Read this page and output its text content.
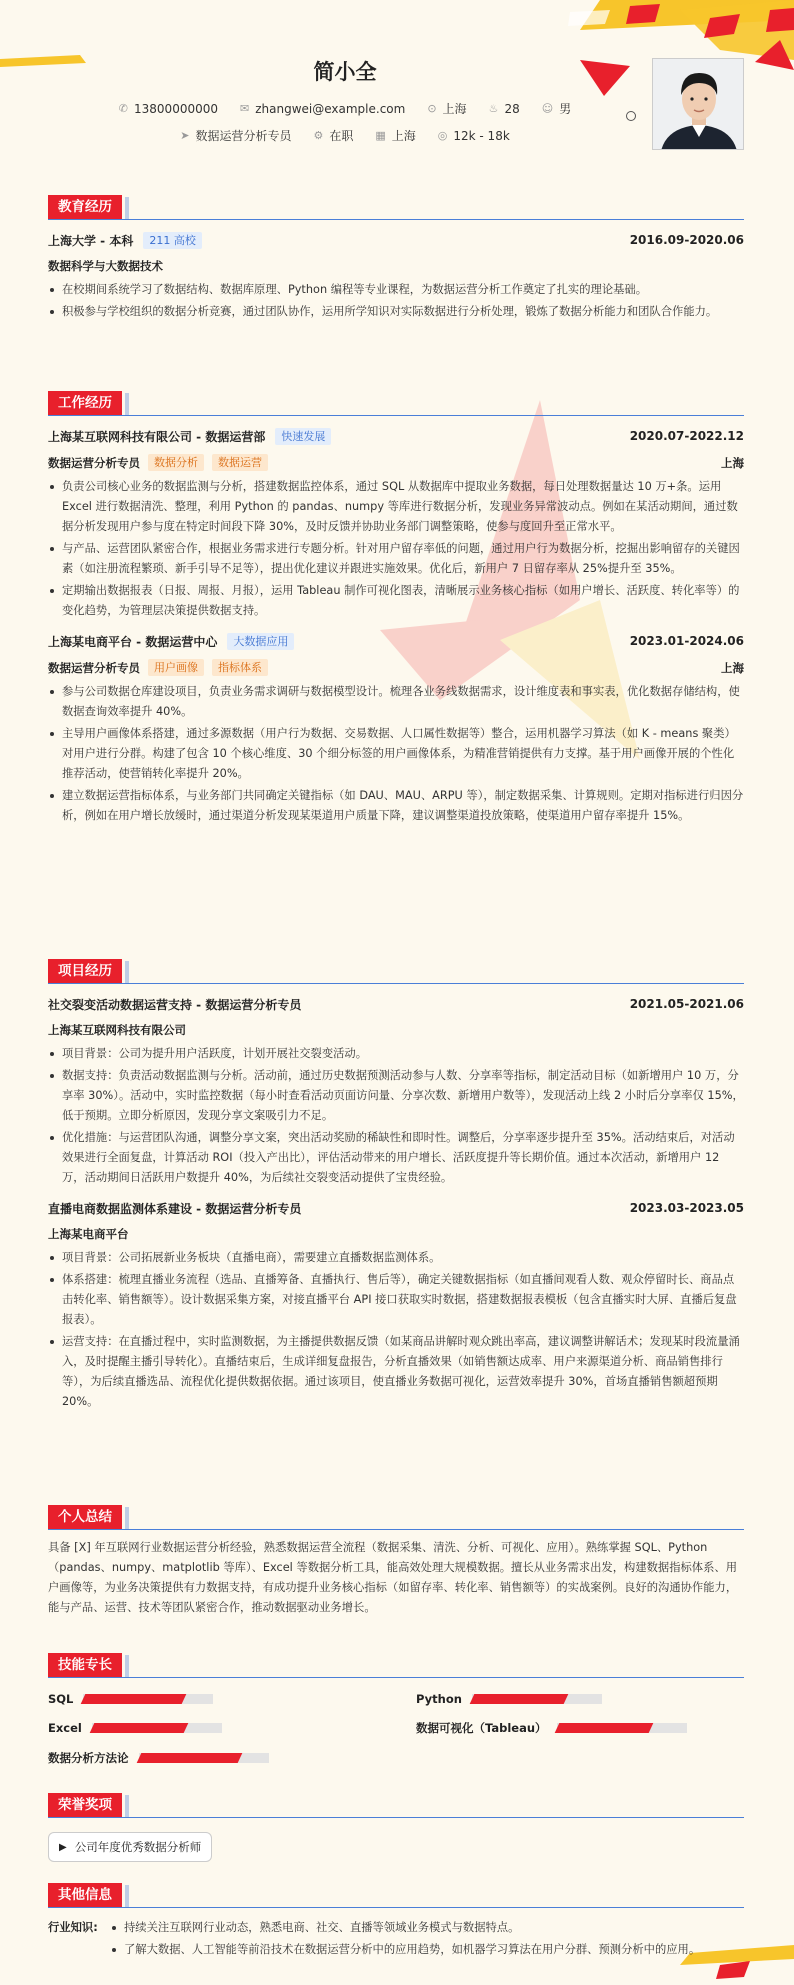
简小全
✆ 13800000000 ✉ zhangwei@example.com ⊙ 上海 ♨ 28 ☺ 男
➤ 数据运营分析专员 ⚙ 在职 ▦ 上海 ◎ 12k - 18k
教育经历
上海大学 - 本科	211 高校	2016.09-2020.06
数据科学与大数据技术
在校期间系统学习了数据结构、数据库原理、Python 编程等专业课程，为数据运营分析工作奠定了扎实的理论基础。
积极参与学校组织的数据分析竞赛，通过团队协作，运用所学知识对实际数据进行分析处理，锻炼了数据分析能力和团队合作能力。
工作经历
上海某互联网科技有限公司 - 数据运营部	快速发展	2020.07-2022.12
数据运营分析专员	数据分析	数据运营	上海
负责公司核心业务的数据监测与分析，搭建数据监控体系，通过 SQL 从数据库中提取业务数据，每日处理数据量达 10 万+条。运用 Excel 进行数据清洗、整理，利用 Python 的 pandas、numpy 等库进行数据分析，发现业务异常波动点。例如在某活动期间，通过数据分析发现用户参与度在特定时间段下降 30%，及时反馈并协助业务部门调整策略，使参与度回升至正常水平。
与产品、运营团队紧密合作，根据业务需求进行专题分析。针对用户留存率低的问题，通过用户行为数据分析，挖掘出影响留存的关键因素（如注册流程繁琐、新手引导不足等），提出优化建议并跟进实施效果。优化后，新用户 7 日留存率从 25%提升至 35%。
定期输出数据报表（日报、周报、月报），运用 Tableau 制作可视化图表，清晰展示业务核心指标（如用户增长、活跃度、转化率等）的变化趋势，为管理层决策提供数据支持。
上海某电商平台 - 数据运营中心	大数据应用	2023.01-2024.06
数据运营分析专员	用户画像	指标体系	上海
参与公司数据仓库建设项目，负责业务需求调研与数据模型设计。梳理各业务线数据需求，设计维度表和事实表，优化数据存储结构，使数据查询效率提升 40%。
主导用户画像体系搭建，通过多源数据（用户行为数据、交易数据、人口属性数据等）整合，运用机器学习算法（如 K - means 聚类）对用户进行分群。构建了包含 10 个核心维度、30 个细分标签的用户画像体系，为精准营销提供有力支撑。基于用户画像开展的个性化推荐活动，使营销转化率提升 20%。
建立数据运营指标体系，与业务部门共同确定关键指标（如 DAU、MAU、ARPU 等），制定数据采集、计算规则。定期对指标进行归因分析，例如在用户增长放缓时，通过渠道分析发现某渠道用户质量下降，建议调整渠道投放策略，使渠道用户留存率提升 15%。
项目经历
社交裂变活动数据运营支持 - 数据运营分析专员	2021.05-2021.06
上海某互联网科技有限公司
项目背景：公司为提升用户活跃度，计划开展社交裂变活动。
数据支持：负责活动数据监测与分析。活动前，通过历史数据预测活动参与人数、分享率等指标，制定活动目标（如新增用户 10 万，分享率 30%）。活动中，实时监控数据（每小时查看活动页面访问量、分享次数、新增用户数等），发现活动上线 2 小时后分享率仅 15%，低于预期。立即分析原因，发现分享文案吸引力不足。
优化措施：与运营团队沟通，调整分享文案，突出活动奖励的稀缺性和即时性。调整后，分享率逐步提升至 35%。活动结束后，对活动效果进行全面复盘，计算活动 ROI（投入产出比），评估活动带来的用户增长、活跃度提升等长期价值。通过本次活动，新增用户 12 万，活动期间日活跃用户数提升 40%，为后续社交裂变活动提供了宝贵经验。
直播电商数据监测体系建设 - 数据运营分析专员	2023.03-2023.05
上海某电商平台
项目背景：公司拓展新业务板块（直播电商），需要建立直播数据监测体系。
体系搭建：梳理直播业务流程（选品、直播筹备、直播执行、售后等），确定关键数据指标（如直播间观看人数、观众停留时长、商品点击转化率、销售额等）。设计数据采集方案，对接直播平台 API 接口获取实时数据，搭建数据报表模板（包含直播实时大屏、直播后复盘报表）。
运营支持：在直播过程中，实时监测数据，为主播提供数据反馈（如某商品讲解时观众跳出率高，建议调整讲解话术；发现某时段流量涌入，及时提醒主播引导转化）。直播结束后，生成详细复盘报告，分析直播效果（如销售额达成率、用户来源渠道分析、商品销售排行等），为后续直播选品、流程优化提供数据依据。通过该项目，使直播业务数据可视化，运营效率提升 30%，首场直播销售额超预期 20%。
个人总结
具备 [X] 年互联网行业数据运营分析经验，熟悉数据运营全流程（数据采集、清洗、分析、可视化、应用）。熟练掌握 SQL、Python（pandas、numpy、matplotlib 等库）、Excel 等数据分析工具，能高效处理大规模数据。擅长从业务需求出发，构建数据指标体系、用户画像等，为业务决策提供有力数据支持，有成功提升业务核心指标（如留存率、转化率、销售额等）的实战案例。良好的沟通协作能力，能与产品、运营、技术等团队紧密合作，推动数据驱动业务增长。
技能专长
SQL	Python
Excel	数据可视化（Tableau）
数据分析方法论
荣誉奖项
▶ 公司年度优秀数据分析师
其他信息
行业知识:	持续关注互联网行业动态，熟悉电商、社交、直播等领域业务模式与数据特点。
了解大数据、人工智能等前沿技术在数据运营分析中的应用趋势，如机器学习算法在用户分群、预测分析中的应用。
